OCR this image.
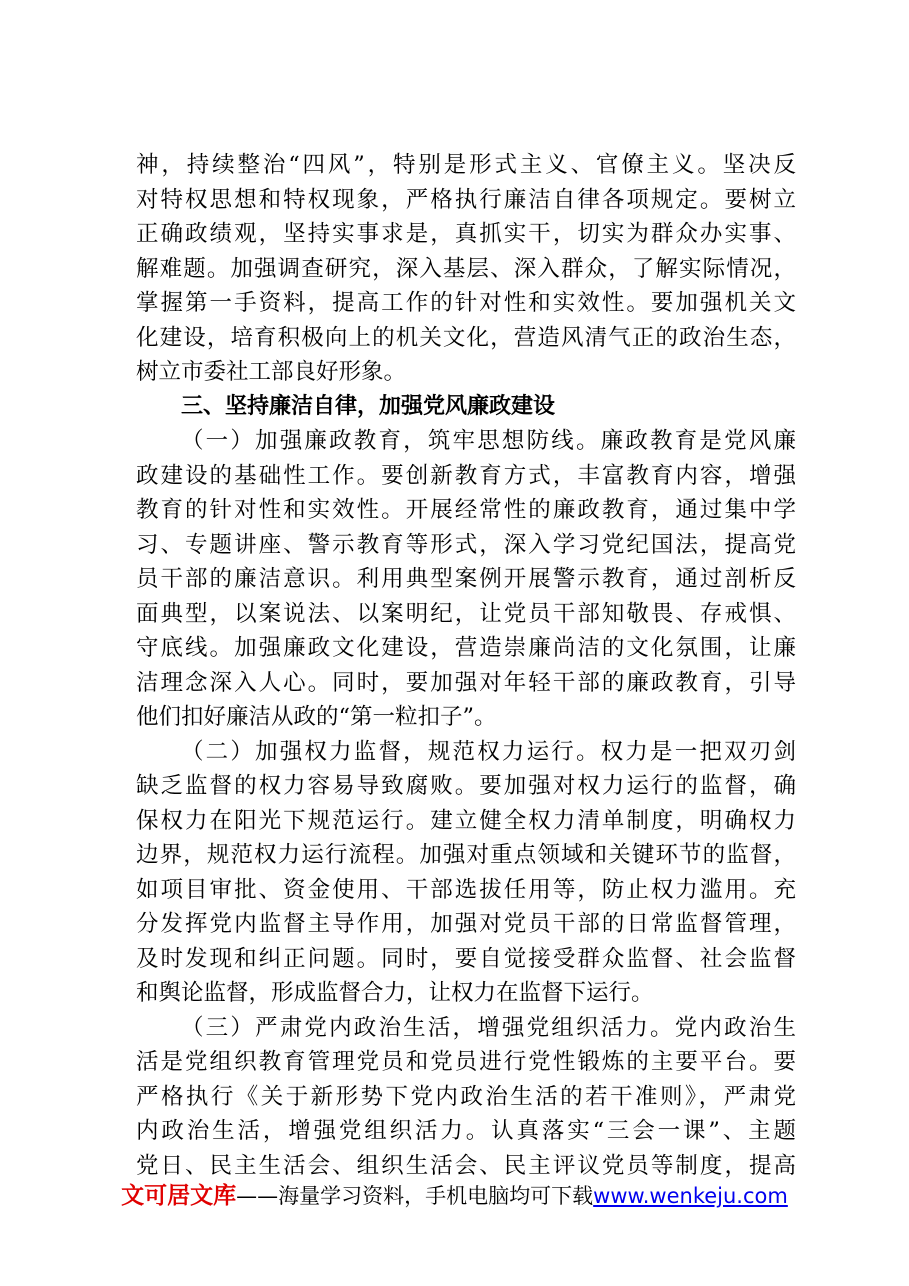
神，持续整治“四风”，特别是形式主义、官僚主义。坚决反
对特权思想和特权现象，严格执行廉洁自律各项规定。要树立
正确政绩观，坚持实事求是，真抓实干，切实为群众办实事、
解难题。加强调查研究，深入基层、深入群众，了解实际情况，
掌握第一手资料，提高工作的针对性和实效性。要加强机关文
化建设，培育积极向上的机关文化，营造风清气正的政治生态，
树立市委社工部良好形象。
三、坚持廉洁自律，加强党风廉政建设
（一）加强廉政教育，筑牢思想防线。廉政教育是党风廉
政建设的基础性工作。要创新教育方式，丰富教育内容，增强
教育的针对性和实效性。开展经常性的廉政教育，通过集中学
习、专题讲座、警示教育等形式，深入学习党纪国法，提高党
员干部的廉洁意识。利用典型案例开展警示教育，通过剖析反
面典型，以案说法、以案明纪，让党员干部知敬畏、存戒惧、
守底线。加强廉政文化建设，营造崇廉尚洁的文化氛围，让廉
洁理念深入人心。同时，要加强对年轻干部的廉政教育，引导
他们扣好廉洁从政的“第一粒扣子”。
（二）加强权力监督，规范权力运行。权力是一把双刃剑
缺乏监督的权力容易导致腐败。要加强对权力运行的监督，确
保权力在阳光下规范运行。建立健全权力清单制度，明确权力
边界，规范权力运行流程。加强对重点领域和关键环节的监督，
如项目审批、资金使用、干部选拔任用等，防止权力滥用。充
分发挥党内监督主导作用，加强对党员干部的日常监督管理，
及时发现和纠正问题。同时，要自觉接受群众监督、社会监督
和舆论监督，形成监督合力，让权力在监督下运行。
（三）严肃党内政治生活，增强党组织活力。党内政治生
活是党组织教育管理党员和党员进行党性锻炼的主要平台。要
严格执行《关于新形势下党内政治生活的若干准则》，严肃党
内政治生活，增强党组织活力。认真落实“三会一课”、主题
党日、民主生活会、组织生活会、民主评议党员等制度，提高
文可居文库——海量学习资料，手机电脑均可下载www.wenkeju.com
